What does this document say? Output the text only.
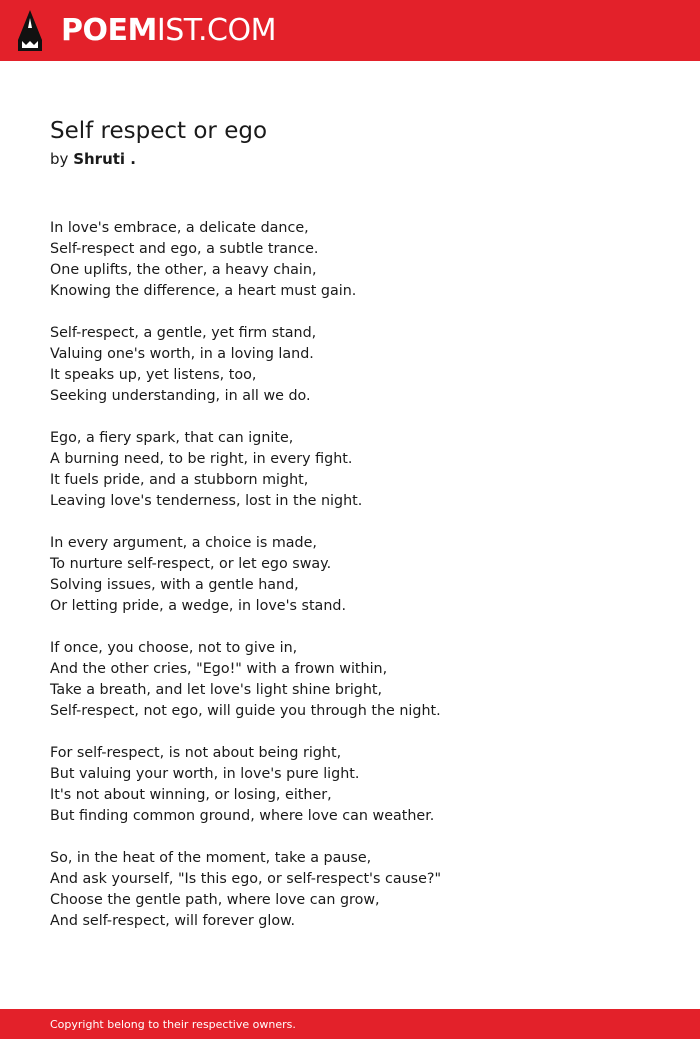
POEMIST.COM
Self respect or ego
by Shruti .
In love's embrace, a delicate dance,
Self-respect and ego, a subtle trance.
One uplifts, the other, a heavy chain,
Knowing the difference, a heart must gain.
Self-respect, a gentle, yet firm stand,
Valuing one's worth, in a loving land.
It speaks up, yet listens, too,
Seeking understanding, in all we do.
Ego, a fiery spark, that can ignite,
A burning need, to be right, in every fight.
It fuels pride, and a stubborn might,
Leaving love's tenderness, lost in the night.
In every argument, a choice is made,
To nurture self-respect, or let ego sway.
Solving issues, with a gentle hand,
Or letting pride, a wedge, in love's stand.
If once, you choose, not to give in,
And the other cries, "Ego!" with a frown within,
Take a breath, and let love's light shine bright,
Self-respect, not ego, will guide you through the night.
For self-respect, is not about being right,
But valuing your worth, in love's pure light.
It's not about winning, or losing, either,
But finding common ground, where love can weather.
So, in the heat of the moment, take a pause,
And ask yourself, "Is this ego, or self-respect's cause?"
Choose the gentle path, where love can grow,
And self-respect, will forever glow.
Copyright belong to their respective owners.
